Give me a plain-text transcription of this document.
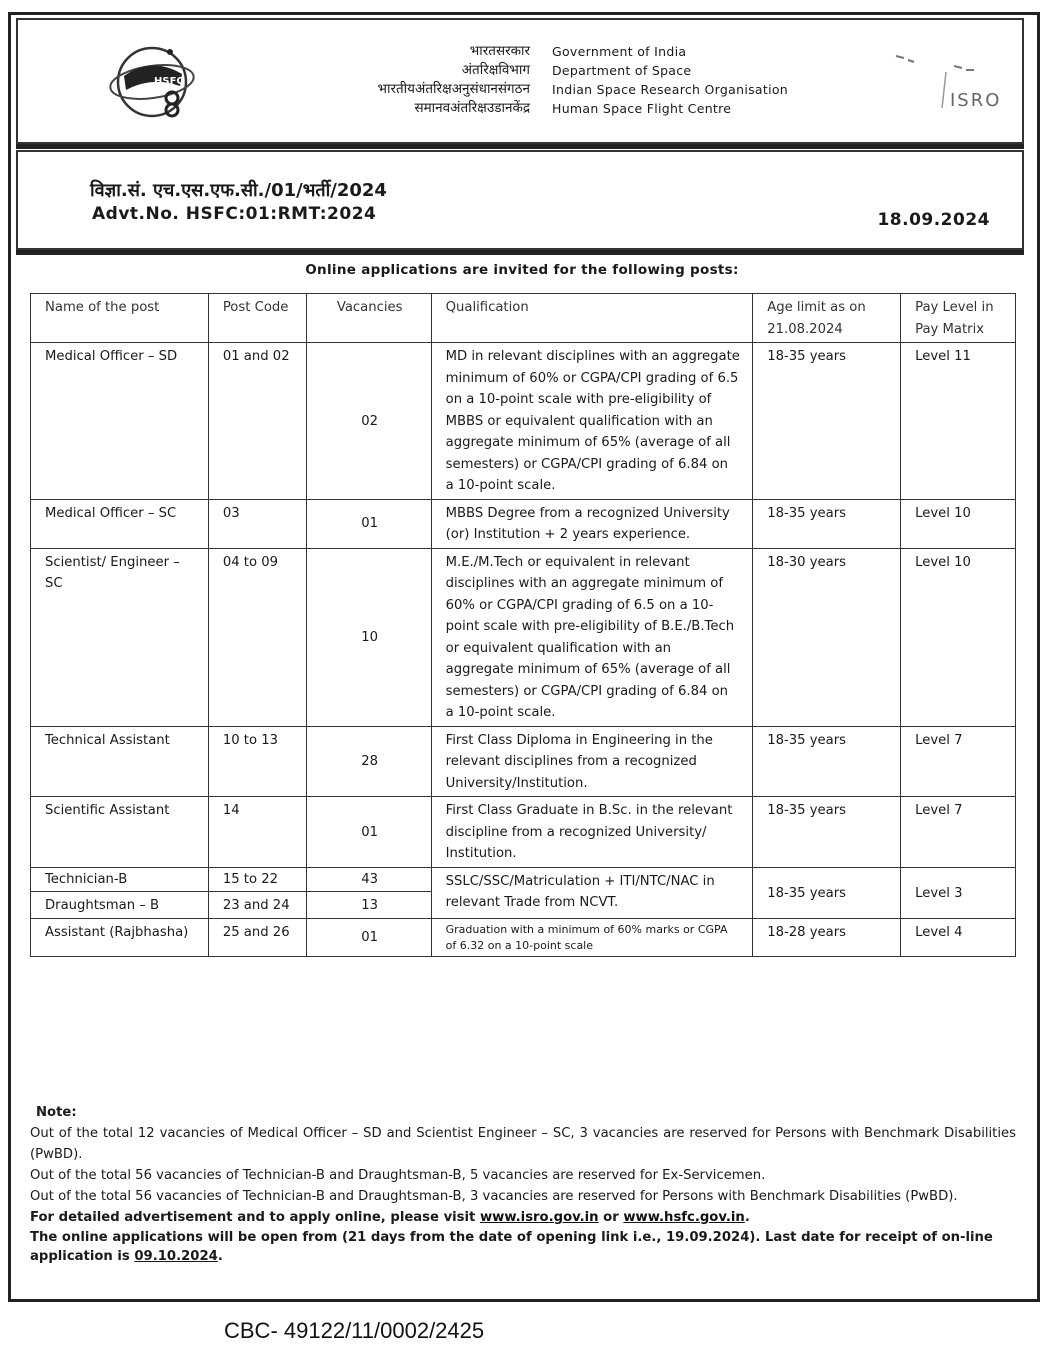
HSFC
भारतसरकार
अंतरिक्षविभाग
भारतीयअंतरिक्षअनुसंधानसंगठन
समानवअंतरिक्षउडानकेंद्र
Government of India
Department of Space
Indian Space Research Organisation
Human Space Flight Centre	ISRO
विज्ञा.सं. एच.एस.एफ.सी./01/भर्ती/2024
Advt.No. HSFC:01:RMT:2024	18.09.2024
Online applications are invited for the following posts:
Name of the post	Post Code	Vacancies	Qualification	Age limit as on 21.08.2024	Pay Level in Pay Matrix
Medical Officer – SD	01 and 02	02	MD in relevant disciplines with an aggregate minimum of 60% or CGPA/CPI grading of 6.5 on a 10-point scale with pre-eligibility of MBBS or equivalent qualification with an aggregate minimum of 65% (average of all semesters) or CGPA/CPI grading of 6.84 on a 10-point scale.	18-35 years	Level 11
Medical Officer – SC	03	01	MBBS Degree from a recognized University (or) Institution + 2 years experience.	18-35 years	Level 10
Scientist/ Engineer – SC	04 to 09	10	M.E./M.Tech or equivalent in relevant disciplines with an aggregate minimum of 60% or CGPA/CPI grading of 6.5 on a 10-point scale with pre-eligibility of B.E./B.Tech or equivalent qualification with an aggregate minimum of 65% (average of all semesters) or CGPA/CPI grading of 6.84 on a 10-point scale.	18-30 years	Level 10
Technical Assistant	10 to 13	28	First Class Diploma in Engineering in the relevant disciplines from a recognized University/Institution.	18-35 years	Level 7
Scientific Assistant	14	01	First Class Graduate in B.Sc. in the relevant discipline from a recognized University/ Institution.	18-35 years	Level 7
Technician-B	15 to 22	43	SSLC/SSC/Matriculation + ITI/NTC/NAC in relevant Trade from NCVT.	18-35 years	Level 3
Draughtsman – B	23 and 24	13			
Assistant (Rajbhasha)	25 and 26	01	Graduation with a minimum of 60% marks or CGPA of 6.32 on a 10-point scale	18-28 years	Level 4
Note:
Out of the total 12 vacancies of Medical Officer – SD and Scientist Engineer – SC, 3 vacancies are reserved for Persons with Benchmark Disabilities (PwBD).
Out of the total 56 vacancies of Technician-B and Draughtsman-B, 5 vacancies are reserved for Ex-Servicemen.
Out of the total 56 vacancies of Technician-B and Draughtsman-B, 3 vacancies are reserved for Persons with Benchmark Disabilities (PwBD).
For detailed advertisement and to apply online, please visit www.isro.gov.in or www.hsfc.gov.in.
The online applications will be open from (21 days from the date of opening link i.e., 19.09.2024). Last date for receipt of on-line application is 09.10.2024.
CBC- 49122/11/0002/2425
